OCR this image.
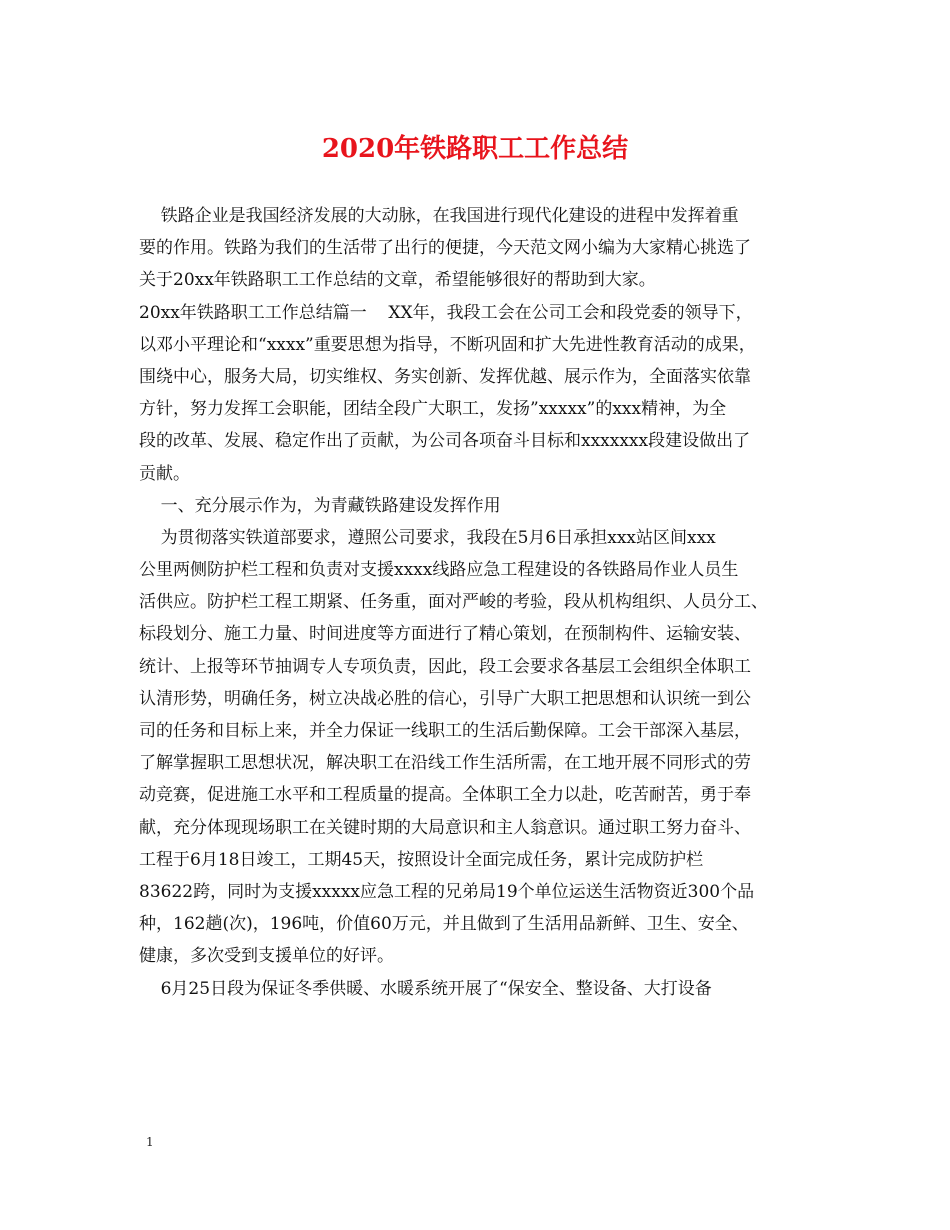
2020年铁路职工工作总结
铁路企业是我国经济发展的大动脉，在我国进行现代化建设的进程中发挥着重
要的作用。铁路为我们的生活带了出行的便捷，今天范文网小编为大家精心挑选了
关于20xx年铁路职工工作总结的文章，希望能够很好的帮助到大家。
20xx年铁路职工工作总结篇一    XX年，我段工会在公司工会和段党委的领导下，
以邓小平理论和“xxxx”重要思想为指导，不断巩固和扩大先进性教育活动的成果，
围绕中心，服务大局，切实维权、务实创新、发挥优越、展示作为，全面落实依靠
方针，努力发挥工会职能，团结全段广大职工，发扬”xxxxx”的xxx精神，为全
段的改革、发展、稳定作出了贡献，为公司各项奋斗目标和xxxxxxx段建设做出了
贡献。
一、充分展示作为，为青藏铁路建设发挥作用
为贯彻落实铁道部要求，遵照公司要求，我段在5月6日承担xxx站区间xxx
公里两侧防护栏工程和负责对支援xxxx线路应急工程建设的各铁路局作业人员生
活供应。防护栏工程工期紧、任务重，面对严峻的考验，段从机构组织、人员分工、
标段划分、施工力量、时间进度等方面进行了精心策划，在预制构件、运输安装、
统计、上报等环节抽调专人专项负责，因此，段工会要求各基层工会组织全体职工
认清形势，明确任务，树立决战必胜的信心，引导广大职工把思想和认识统一到公
司的任务和目标上来，并全力保证一线职工的生活后勤保障。工会干部深入基层，
了解掌握职工思想状况，解决职工在沿线工作生活所需，在工地开展不同形式的劳
动竞赛，促进施工水平和工程质量的提高。全体职工全力以赴，吃苦耐苦，勇于奉
献，充分体现现场职工在关键时期的大局意识和主人翁意识。通过职工努力奋斗、
工程于6月18日竣工，工期45天，按照设计全面完成任务，累计完成防护栏
83622跨，同时为支援xxxxx应急工程的兄弟局19个单位运送生活物资近300个品
种，162趟(次)，196吨，价值60万元，并且做到了生活用品新鲜、卫生、安全、
健康，多次受到支援单位的好评。
6月25日段为保证冬季供暖、水暖系统开展了“保安全、整设备、大打设备
1
